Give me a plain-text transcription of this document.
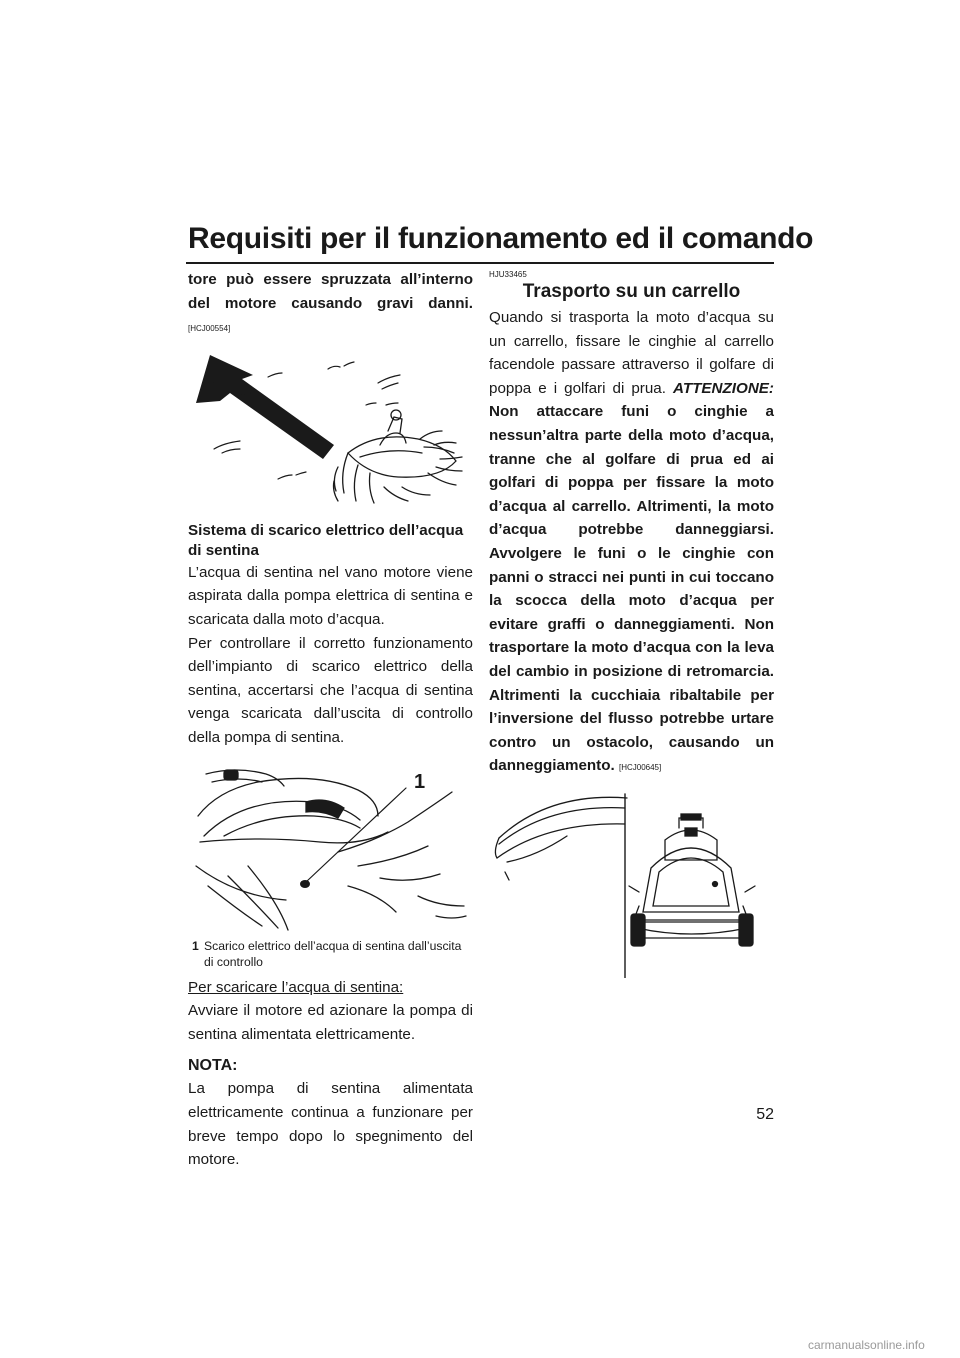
Requisiti per il funzionamento ed il comando

tore può essere spruzzata all’interno del motore causando gravi danni. [HCJ00554]

Sistema di scarico elettrico dell’acqua di sentina

L’acqua di sentina nel vano motore viene aspirata dalla pompa elettrica di sentina e scaricata dalla moto d’acqua.

Per controllare il corretto funzionamento dell’impianto di scarico elettrico della sentina, accertarsi che l’acqua di sentina venga scaricata dall’uscita di controllo della pompa di sentina.

1
1 Scarico elettrico dell’acqua di sentina dall’uscita di controllo

Per scaricare l’acqua di sentina:

Avviare il motore ed azionare la pompa di sentina alimentata elettricamente.

NOTA:

La pompa di sentina alimentata elettricamente continua a funzionare per breve tempo dopo lo spegnimento del motore.

HJU33465
Trasporto su un carrello

Quando si trasporta la moto d’acqua su un carrello, fissare le cinghie al carrello facendole passare attraverso il golfare di poppa e i golfari di prua. ATTENZIONE: Non attaccare funi o cinghie a nessun’altra parte della moto d’acqua, tranne che al golfare di prua ed ai golfari di poppa per fissare la moto d’acqua al carrello. Altrimenti, la moto d’acqua potrebbe danneggiarsi. Avvolgere le funi o le cinghie con panni o stracci nei punti in cui toccano la scocca della moto d’acqua per evitare graffi o danneggiamenti. Non trasportare la moto d’acqua con la leva del cambio in posizione di retromarcia. Altrimenti la cucchiaia ribaltabile per l’inversione del flusso potrebbe urtare contro un ostacolo, causando un danneggiamento. [HCJ00645]

52
carmanualsonline.info
